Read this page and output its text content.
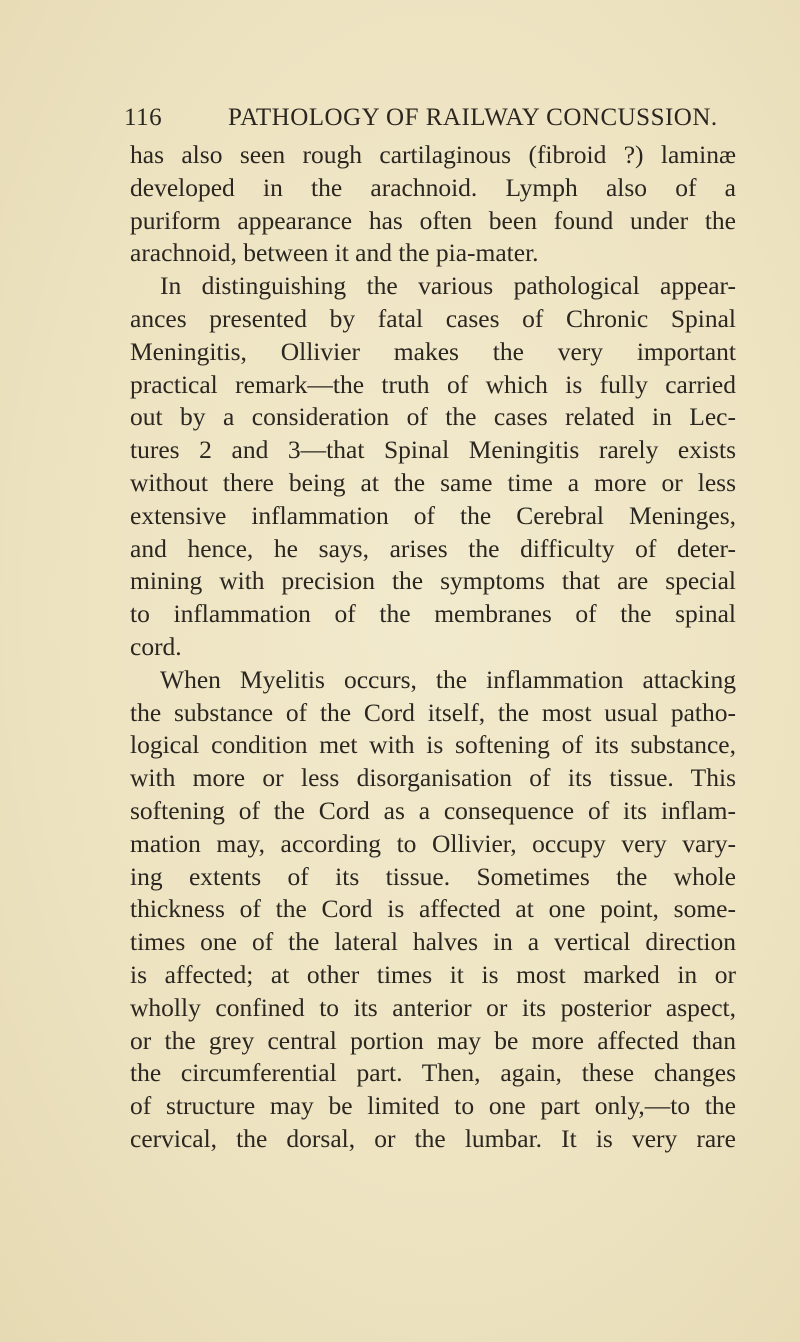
116	PATHOLOGY OF RAILWAY CONCUSSION.
has also seen rough cartilaginous (fibroid ?) laminæ
developed in the arachnoid. Lymph also of a
puriform appearance has often been found under the
arachnoid, between it and the pia-mater.
In distinguishing the various pathological appear-
ances presented by fatal cases of Chronic Spinal
Meningitis, Ollivier makes the very important
practical remark—the truth of which is fully carried
out by a consideration of the cases related in Lec-
tures 2 and 3—that Spinal Meningitis rarely exists
without there being at the same time a more or less
extensive inflammation of the Cerebral Meninges,
and hence, he says, arises the difficulty of deter-
mining with precision the symptoms that are special
to inflammation of the membranes of the spinal
cord.
When Myelitis occurs, the inflammation attacking
the substance of the Cord itself, the most usual patho-
logical condition met with is softening of its substance,
with more or less disorganisation of its tissue. This
softening of the Cord as a consequence of its inflam-
mation may, according to Ollivier, occupy very vary-
ing extents of its tissue. Sometimes the whole
thickness of the Cord is affected at one point, some-
times one of the lateral halves in a vertical direction
is affected; at other times it is most marked in or
wholly confined to its anterior or its posterior aspect,
or the grey central portion may be more affected than
the circumferential part. Then, again, these changes
of structure may be limited to one part only,—to the
cervical, the dorsal, or the lumbar. It is very rare
